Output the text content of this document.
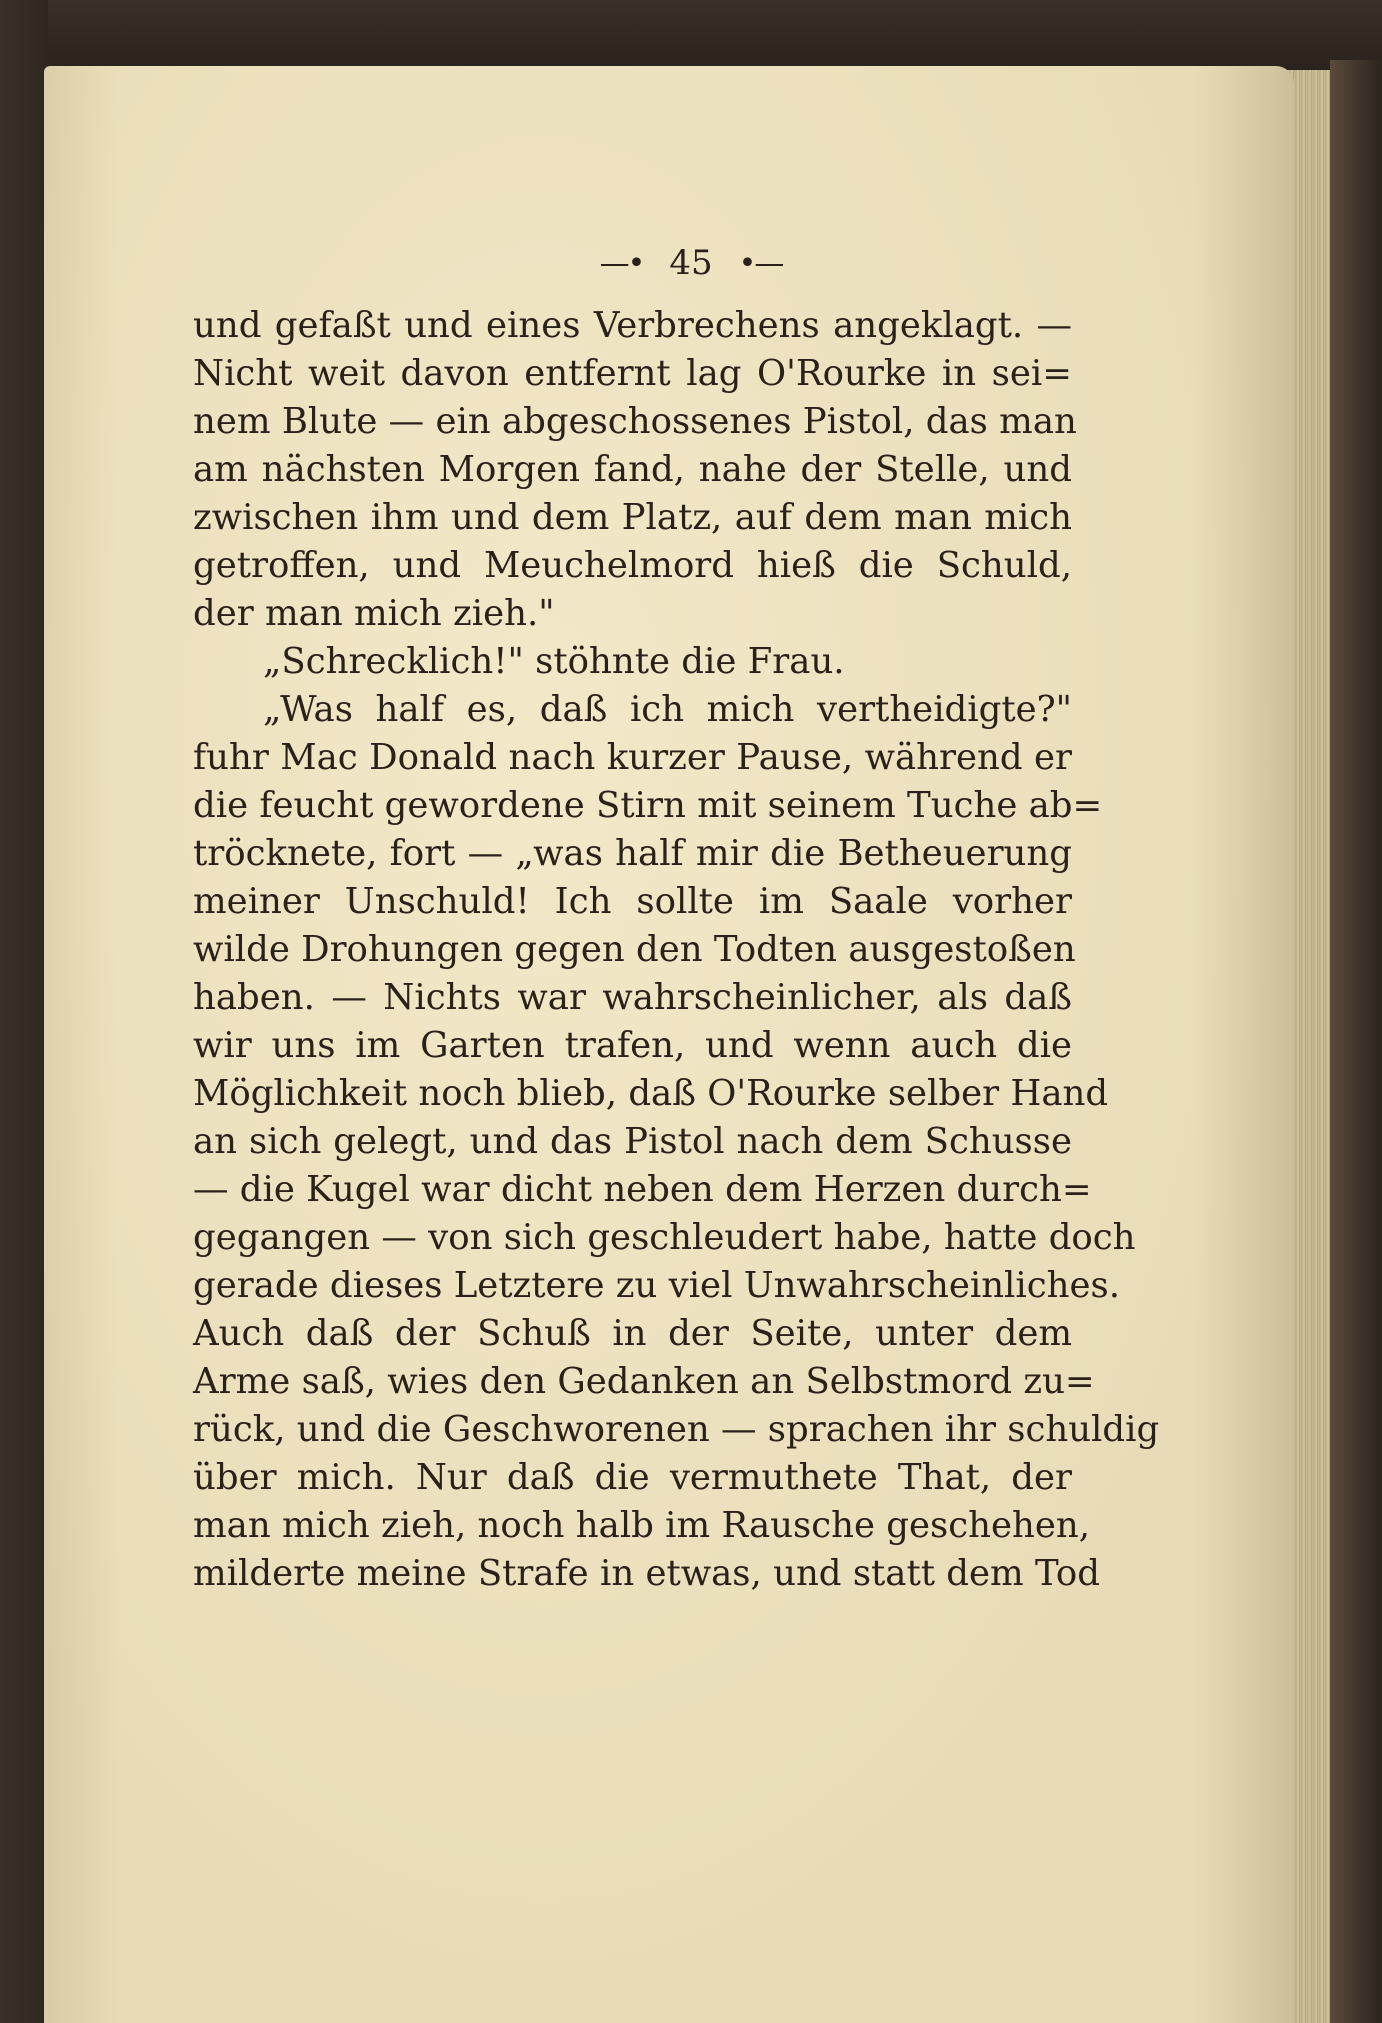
—• 45 •—
und gefaßt und eines Verbrechens angeklagt. —
Nicht weit davon entfernt lag O'Rourke in sei=
nem Blute — ein abgeschossenes Pistol, das man
am nächsten Morgen fand, nahe der Stelle, und
zwischen ihm und dem Platz, auf dem man mich
getroffen, und Meuchelmord hieß die Schuld,
der man mich zieh."
„Schrecklich!" stöhnte die Frau.
„Was half es, daß ich mich vertheidigte?"
fuhr Mac Donald nach kurzer Pause, während er
die feucht gewordene Stirn mit seinem Tuche ab=
tröcknete, fort — „was half mir die Betheuerung
meiner Unschuld! Ich sollte im Saale vorher
wilde Drohungen gegen den Todten ausgestoßen
haben. — Nichts war wahrscheinlicher, als daß
wir uns im Garten trafen, und wenn auch die
Möglichkeit noch blieb, daß O'Rourke selber Hand
an sich gelegt, und das Pistol nach dem Schusse
— die Kugel war dicht neben dem Herzen durch=
gegangen — von sich geschleudert habe, hatte doch
gerade dieses Letztere zu viel Unwahrscheinliches.
Auch daß der Schuß in der Seite, unter dem
Arme saß, wies den Gedanken an Selbstmord zu=
rück, und die Geschworenen — sprachen ihr schuldig
über mich. Nur daß die vermuthete That, der
man mich zieh, noch halb im Rausche geschehen,
milderte meine Strafe in etwas, und statt dem Tod
